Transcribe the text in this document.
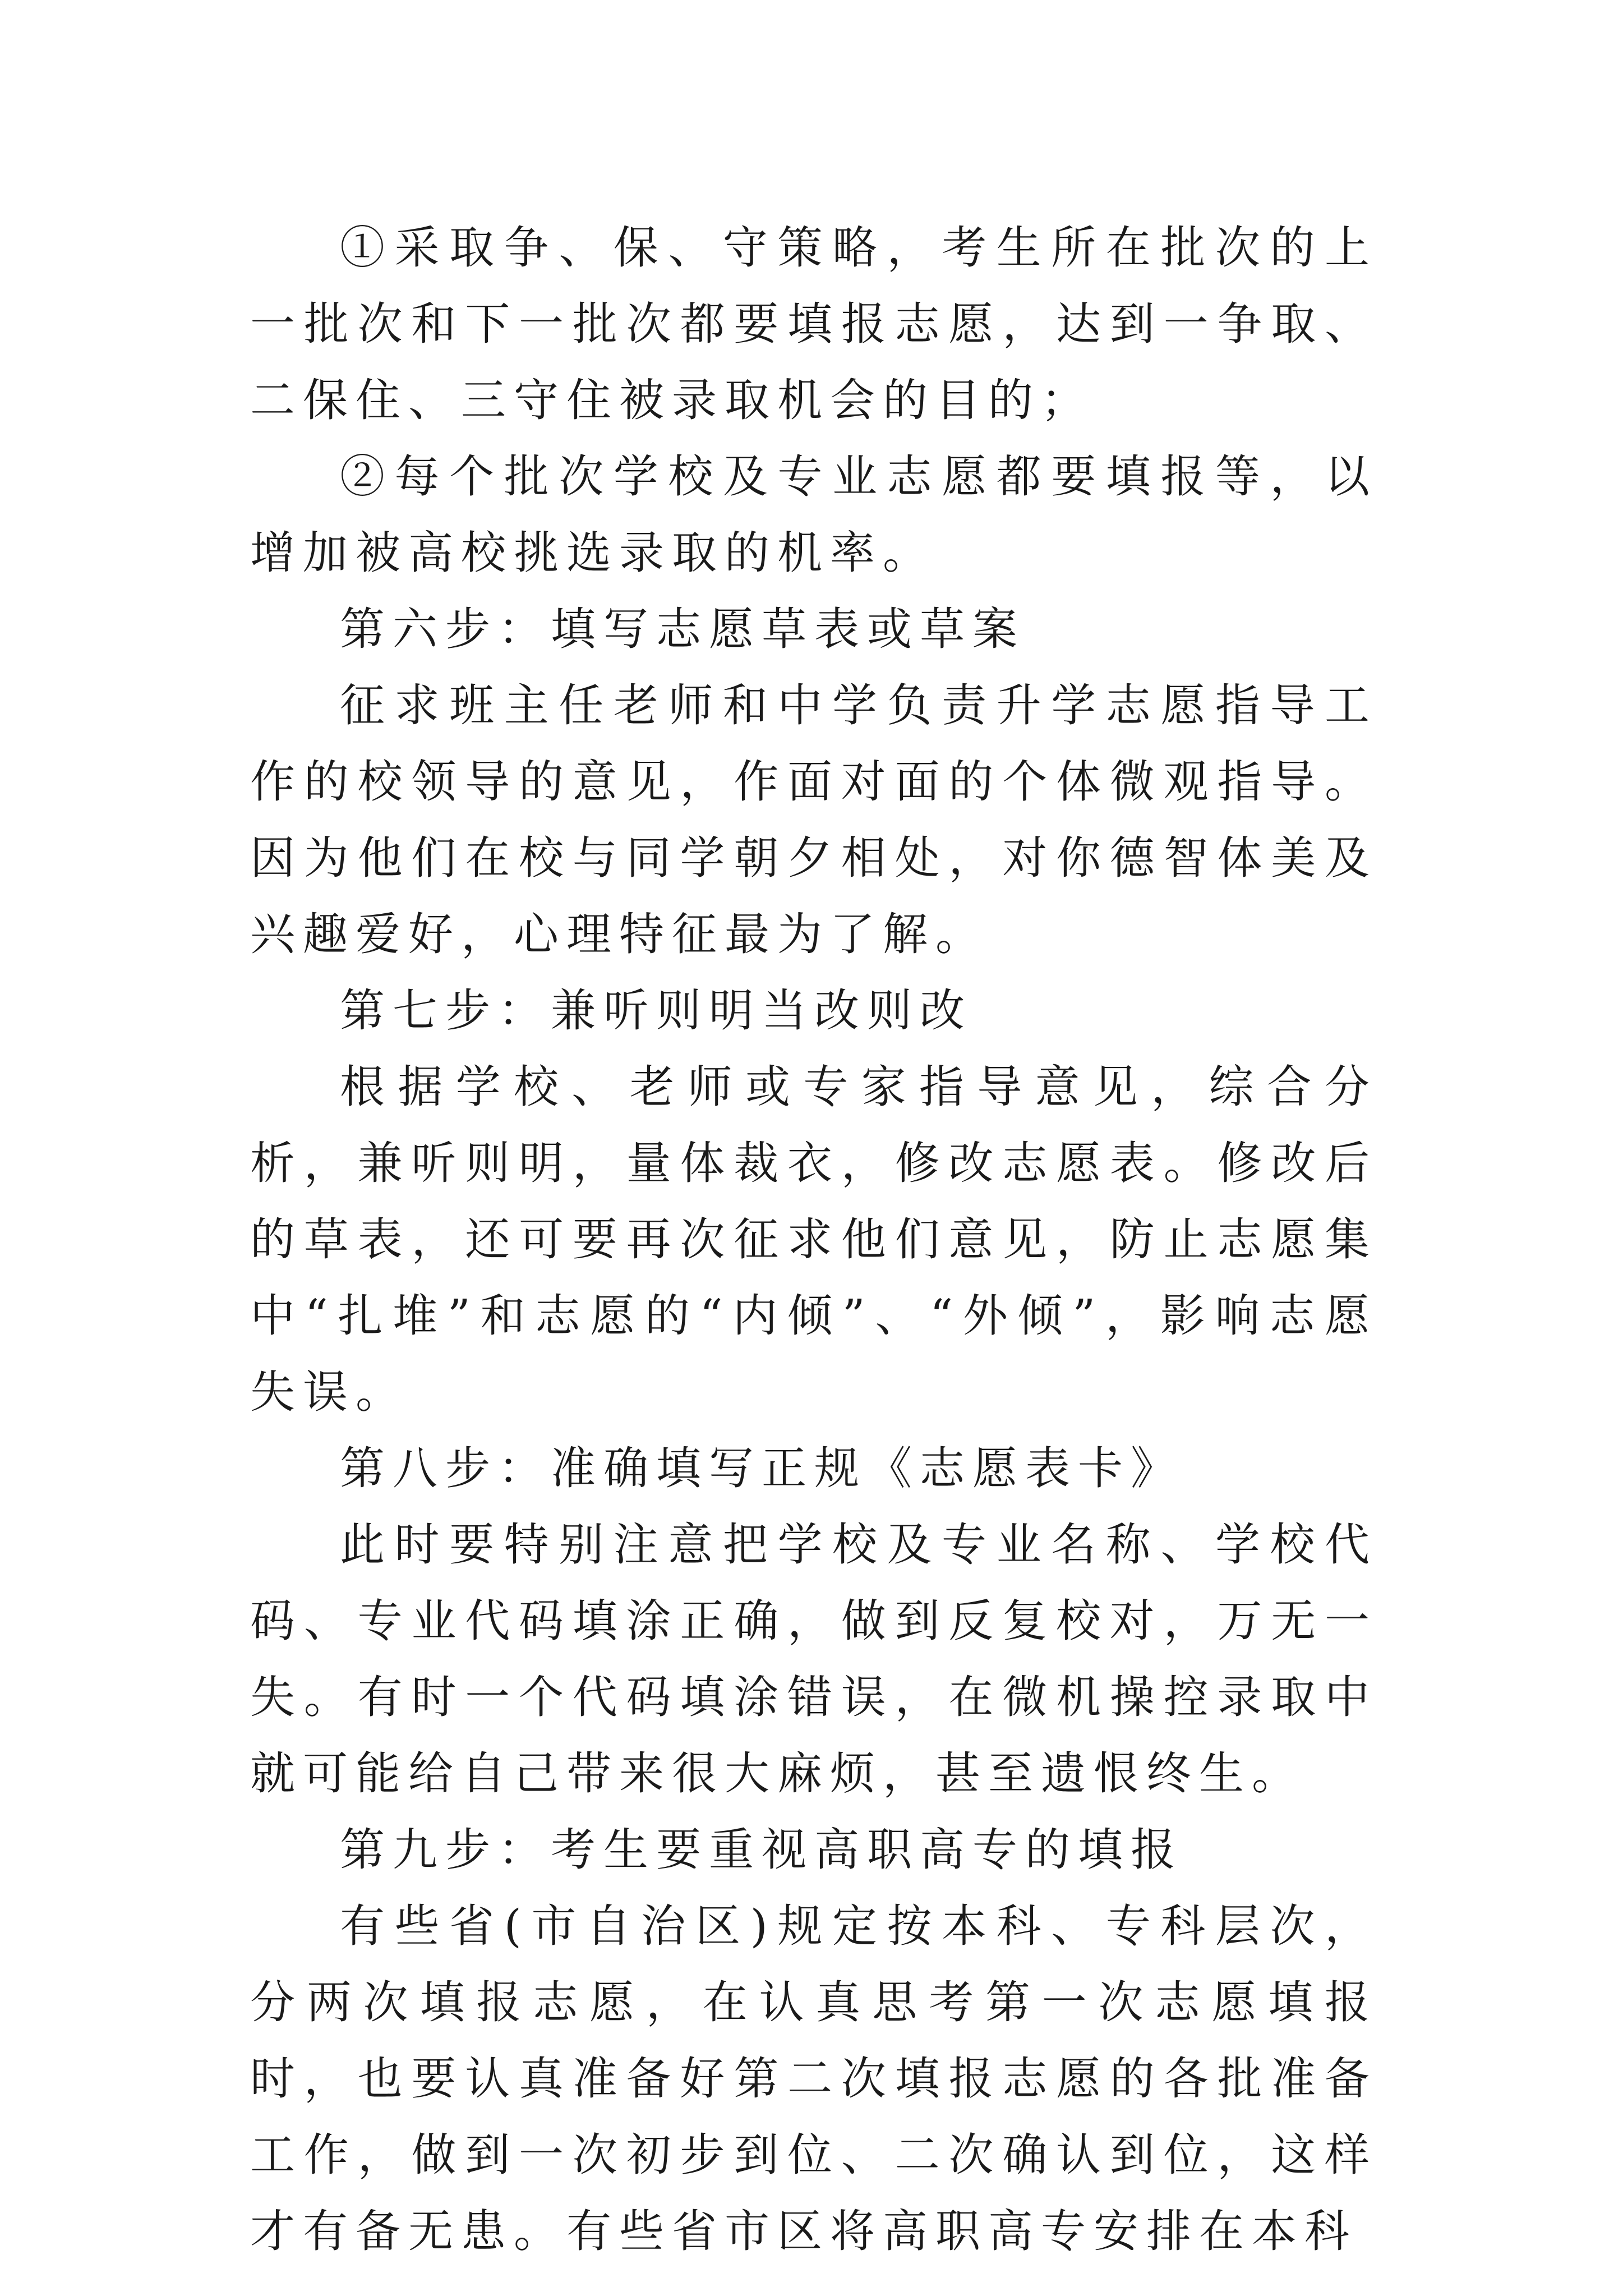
①采取争、保、守策略，考生所在批次的上一批次和下一批次都要填报志愿，达到一争取、二保住、三守住被录取机会的目的；

②每个批次学校及专业志愿都要填报等，以增加被高校挑选录取的机率。

第六步：填写志愿草表或草案

征求班主任老师和中学负责升学志愿指导工作的校领导的意见，作面对面的个体微观指导。因为他们在校与同学朝夕相处，对你德智体美及兴趣爱好，心理特征最为了解。

第七步：兼听则明当改则改

根据学校、老师或专家指导意见，综合分析，兼听则明，量体裁衣，修改志愿表。修改后的草表，还可要再次征求他们意见，防止志愿集中“扎堆”和志愿的“内倾”、“外倾”，影响志愿失误。

第八步：准确填写正规《志愿表卡》

此时要特别注意把学校及专业名称、学校代码、专业代码填涂正确，做到反复校对，万无一失。有时一个代码填涂错误，在微机操控录取中就可能给自己带来很大麻烦，甚至遗恨终生。

第九步：考生要重视高职高专的填报

有些省(市自治区)规定按本科、专科层次，分两次填报志愿，在认真思考第一次志愿填报时，也要认真准备好第二次填报志愿的各批准备工作，做到一次初步到位、二次确认到位，这样才有备无患。有些省市区将高职高专安排在本科
